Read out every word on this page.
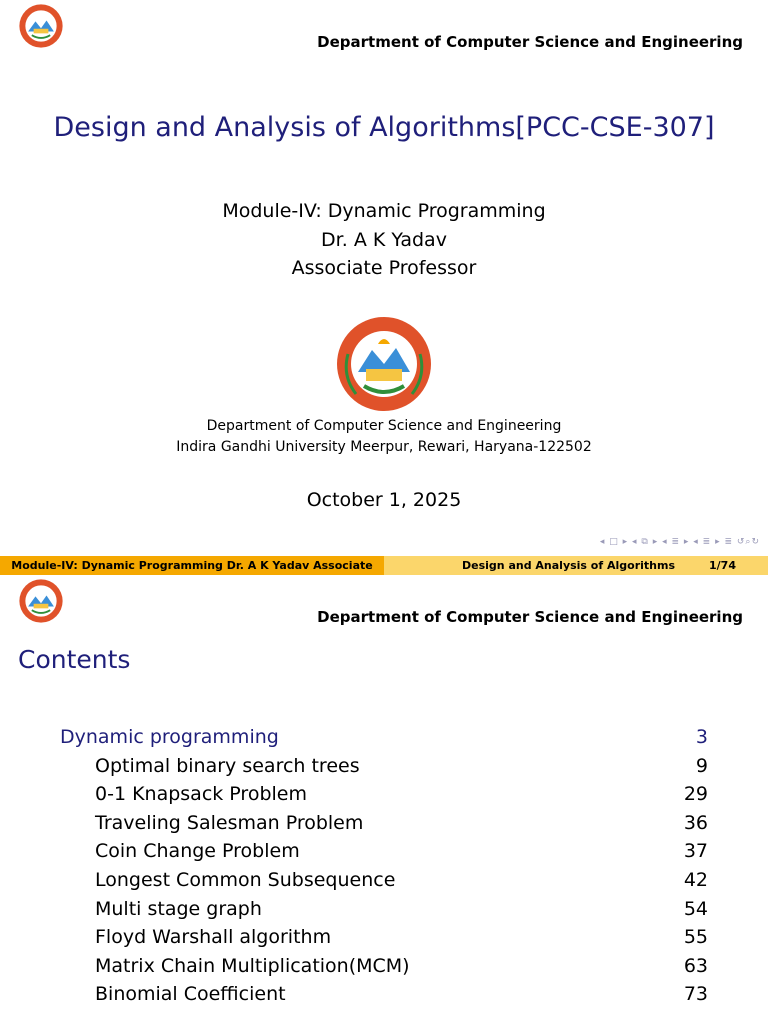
Department of Computer Science and Engineering
Design and Analysis of Algorithms[PCC-CSE-307]
Module-IV: Dynamic Programming
Dr. A K Yadav
Associate Professor
Department of Computer Science and Engineering
Indira Gandhi University Meerpur, Rewari, Haryana-122502
October 1, 2025
◂ □ ▸ ◂ ⧉ ▸ ◂ ≣ ▸ ◂ ≣ ▸ ≣ ↺⌕↻
Module-IV: Dynamic Programming Dr. A K Yadav Associate	Design and Analysis of Algorithms	1/74
Department of Computer Science and Engineering
Contents
Dynamic programming	3
Optimal binary search trees	9
0-1 Knapsack Problem	29
Traveling Salesman Problem	36
Coin Change Problem	37
Longest Common Subsequence	42
Multi stage graph	54
Floyd Warshall algorithm	55
Matrix Chain Multiplication(MCM)	63
Binomial Coefficient	73
